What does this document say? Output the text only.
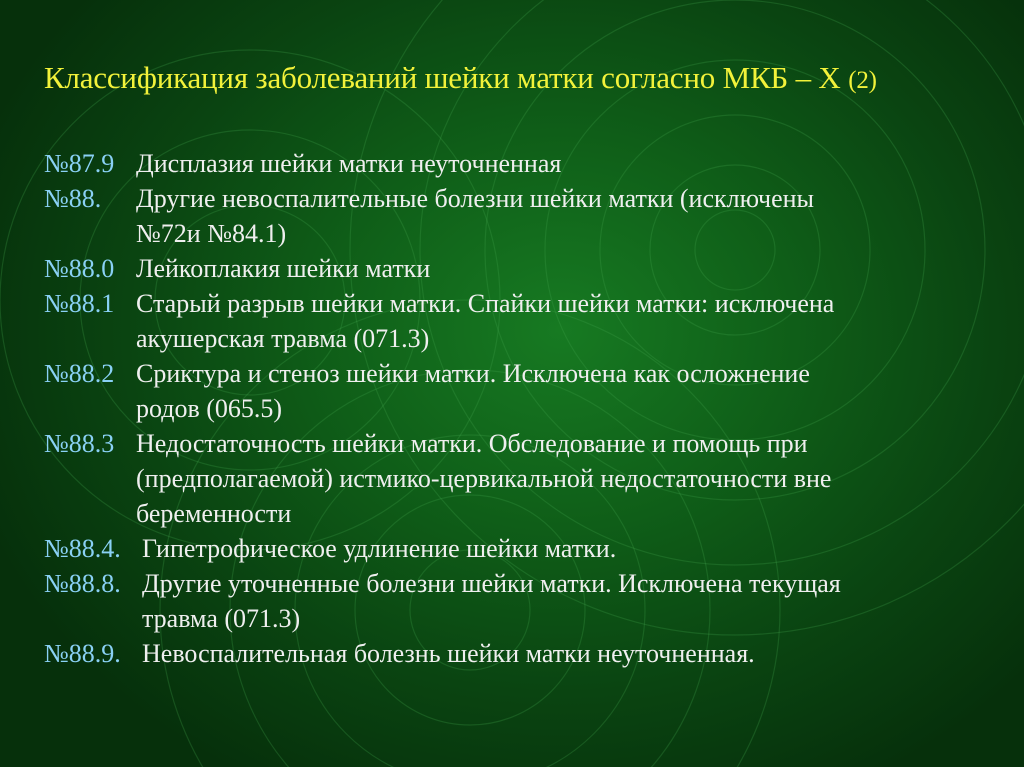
Классификация заболеваний шейки матки согласно МКБ – Х (2)
№87.9 Дисплазия шейки матки неуточненная
№88.	Другие невоспалительные болезни шейки матки (исключены
№72и №84.1)
№88.0 Лейкоплакия шейки матки
№88.1 Старый разрыв шейки матки. Спайки шейки матки: исключена
акушерская травма (071.3)
№88.2 Сриктура и стеноз шейки матки. Исключена как осложнение
родов (065.5)
№88.3 Недостаточность шейки матки. Обследование и помощь при
(предполагаемой) истмико-цервикальной недостаточности вне
беременности
№88.4. Гипетрофическое удлинение шейки матки.
№88.8. Другие уточненные болезни шейки матки. Исключена текущая
травма (071.3)
№88.9. Невоспалительная болезнь шейки матки неуточненная.
